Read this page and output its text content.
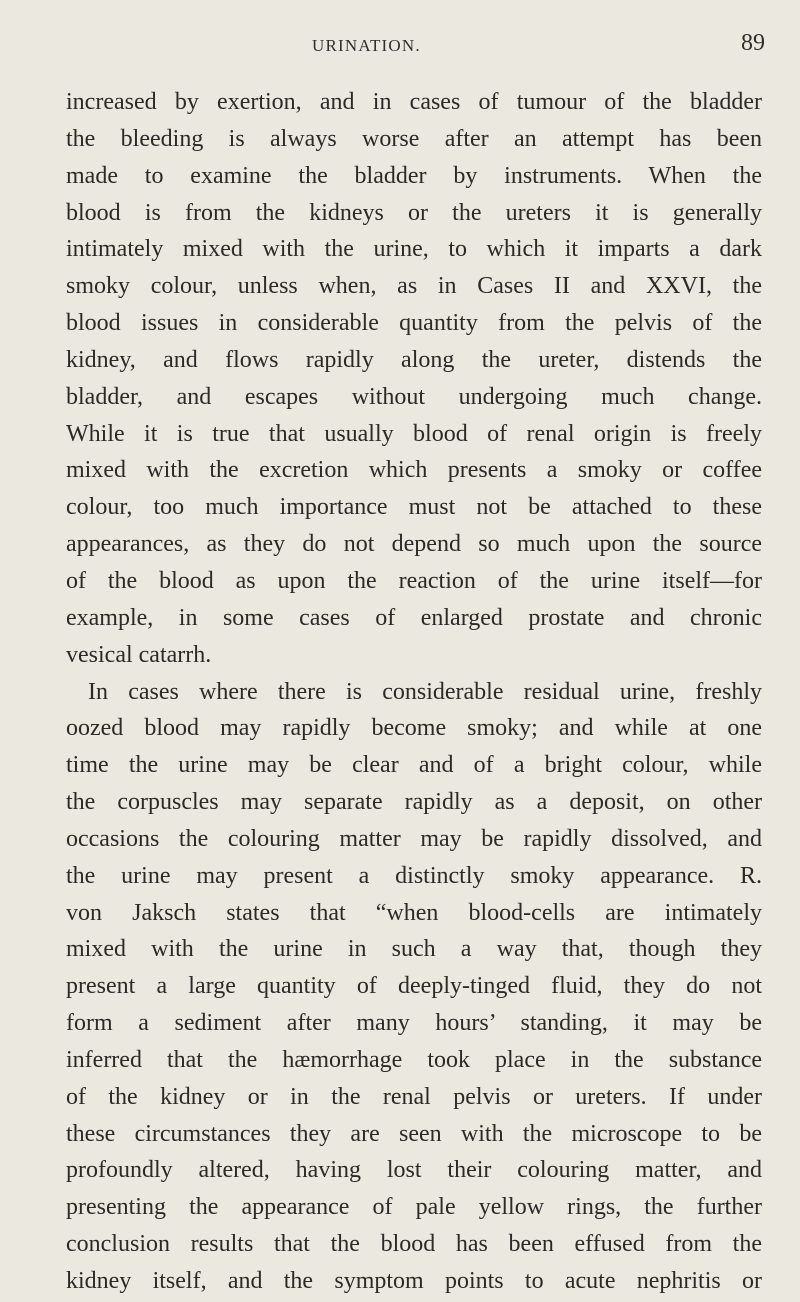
URINATION.	89
increased by exertion, and in cases of tumour of the bladder
the bleeding is always worse after an attempt has been
made to examine the bladder by instruments. When the
blood is from the kidneys or the ureters it is generally
intimately mixed with the urine, to which it imparts a dark
smoky colour, unless when, as in Cases II and XXVI, the
blood issues in considerable quantity from the pelvis of the
kidney, and flows rapidly along the ureter, distends the
bladder, and escapes without undergoing much change.
While it is true that usually blood of renal origin is freely
mixed with the excretion which presents a smoky or coffee
colour, too much importance must not be attached to these
appearances, as they do not depend so much upon the source
of the blood as upon the reaction of the urine itself—for
example, in some cases of enlarged prostate and chronic
vesical catarrh.
In cases where there is considerable residual urine, freshly
oozed blood may rapidly become smoky; and while at one
time the urine may be clear and of a bright colour, while
the corpuscles may separate rapidly as a deposit, on other
occasions the colouring matter may be rapidly dissolved, and
the urine may present a distinctly smoky appearance. R.
von Jaksch states that “when blood-cells are intimately
mixed with the urine in such a way that, though they
present a large quantity of deeply-tinged fluid, they do not
form a sediment after many hours’ standing, it may be
inferred that the hæmorrhage took place in the substance
of the kidney or in the renal pelvis or ureters. If under
these circumstances they are seen with the microscope to be
profoundly altered, having lost their colouring matter, and
presenting the appearance of pale yellow rings, the further
conclusion results that the blood has been effused from the
kidney itself, and the symptom points to acute nephritis or
